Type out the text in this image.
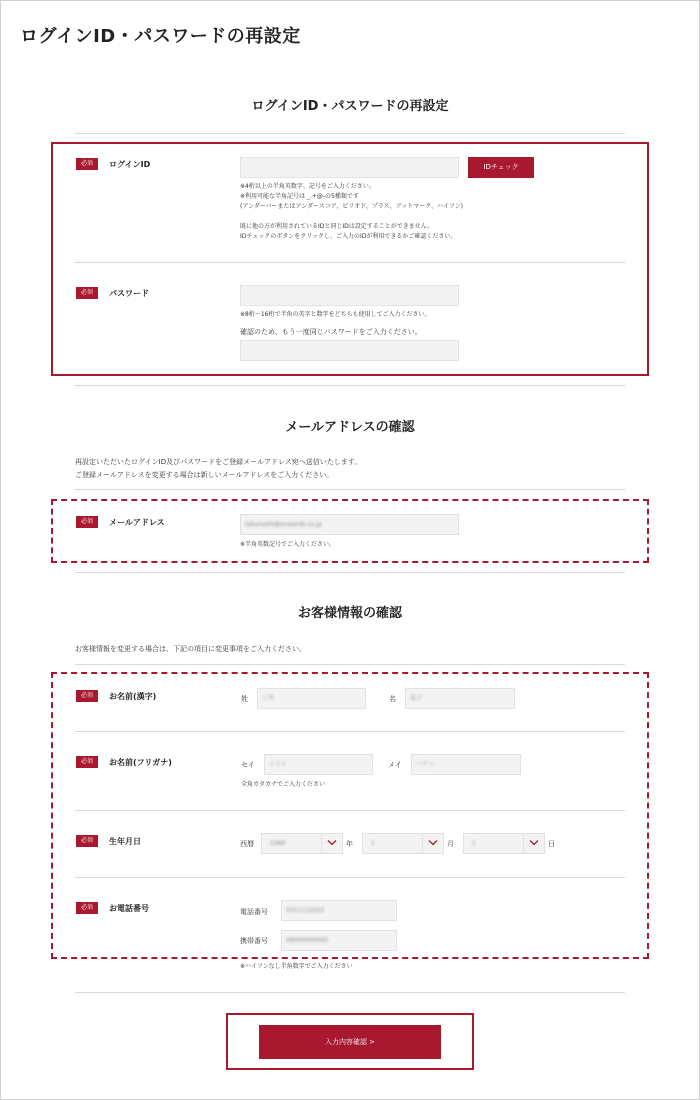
ログインID・パスワードの再設定
ログインID・パスワードの再設定
必須	ログインID	IDチェック
※4桁以上の半角英数字、記号をご入力ください。
※利用可能な半角記号は _.+@-の5種類です
(アンダーバーまたはアンダースコア、ピリオド、プラス、アットマーク、ハイフン)
既に他の方が利用されているIDと同じIDは設定することができません。
IDチェックのボタンをクリックし、ご入力のIDが利用できるかご確認ください。
必須	パスワード
※8桁～16桁で半角の英字と数字をどちらも使用してご入力ください。
確認のため、もう一度同じパスワードをご入力ください。
メールアドレスの確認
再設定いただいたログインID及びパスワードをご登録メールアドレス宛へ送信いたします。
ご登録メールアドレスを変更する場合は新しいメールアドレスをご入力ください。
必須	メールアドレス	takanashi@onwards.co.jp
※半角英数記号でご入力ください。
お客様情報の確認
お客様情報を変更する場合は、下記の項目に変更事項をご入力ください。
必須	お名前(漢字)	姓	三井	名	花子
必須	お名前(フリガナ)	セイ	ミツイ	メイ	ハナコ
全角カタカナでご入力ください
必須	生年月日	西暦	1980	年	1	月	1	日
必須	お電話番号	電話番号	0311112222
携帯番号	09000000000
※ハイフンなし半角数字でご入力ください
入力内容確認 >
